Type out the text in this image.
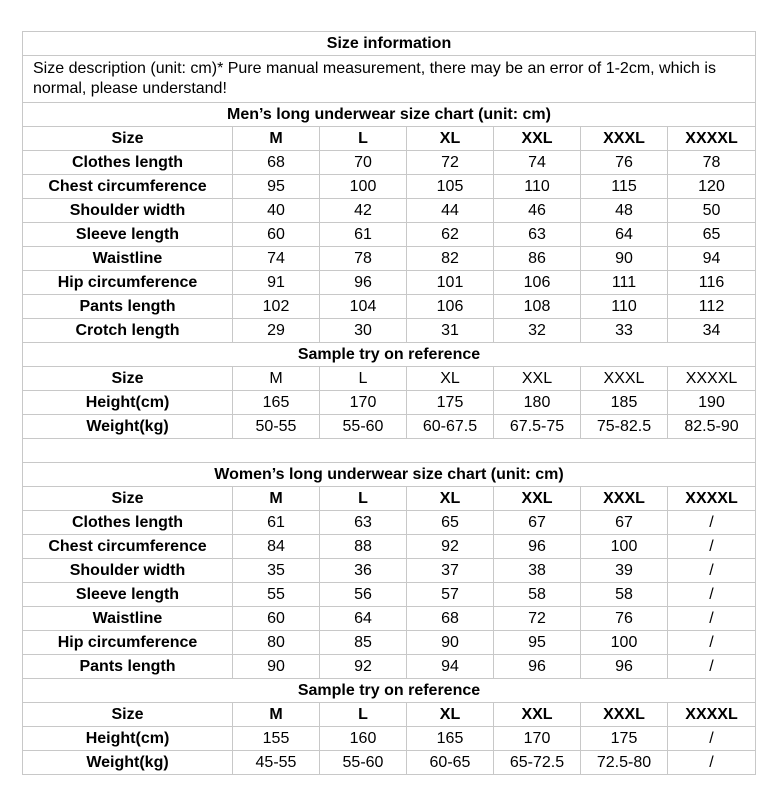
Size information						
Size description (unit: cm)* Pure manual measurement, there may be an error of 1-2cm, which is normal, please understand!						
Men’s long underwear size chart (unit: cm)						
Size	M	L	XL	XXL	XXXL	XXXXL
Clothes length	68	70	72	74	76	78
Chest circumference	95	100	105	110	115	120
Shoulder width	40	42	44	46	48	50
Sleeve length	60	61	62	63	64	65
Waistline	74	78	82	86	90	94
Hip circumference	91	96	101	106	111	116
Pants length	102	104	106	108	110	112
Crotch length	29	30	31	32	33	34
Sample try on reference						
Size	M	L	XL	XXL	XXXL	XXXXL
Height(cm)	165	170	175	180	185	190
Weight(kg)	50-55	55-60	60-67.5	67.5-75	75-82.5	82.5-90

Women’s long underwear size chart (unit: cm)						
Size	M	L	XL	XXL	XXXL	XXXXL
Clothes length	61	63	65	67	67	/
Chest circumference	84	88	92	96	100	/
Shoulder width	35	36	37	38	39	/
Sleeve length	55	56	57	58	58	/
Waistline	60	64	68	72	76	/
Hip circumference	80	85	90	95	100	/
Pants length	90	92	94	96	96	/
Sample try on reference						
Size	M	L	XL	XXL	XXXL	XXXXL
Height(cm)	155	160	165	170	175	/
Weight(kg)	45-55	55-60	60-65	65-72.5	72.5-80	/
